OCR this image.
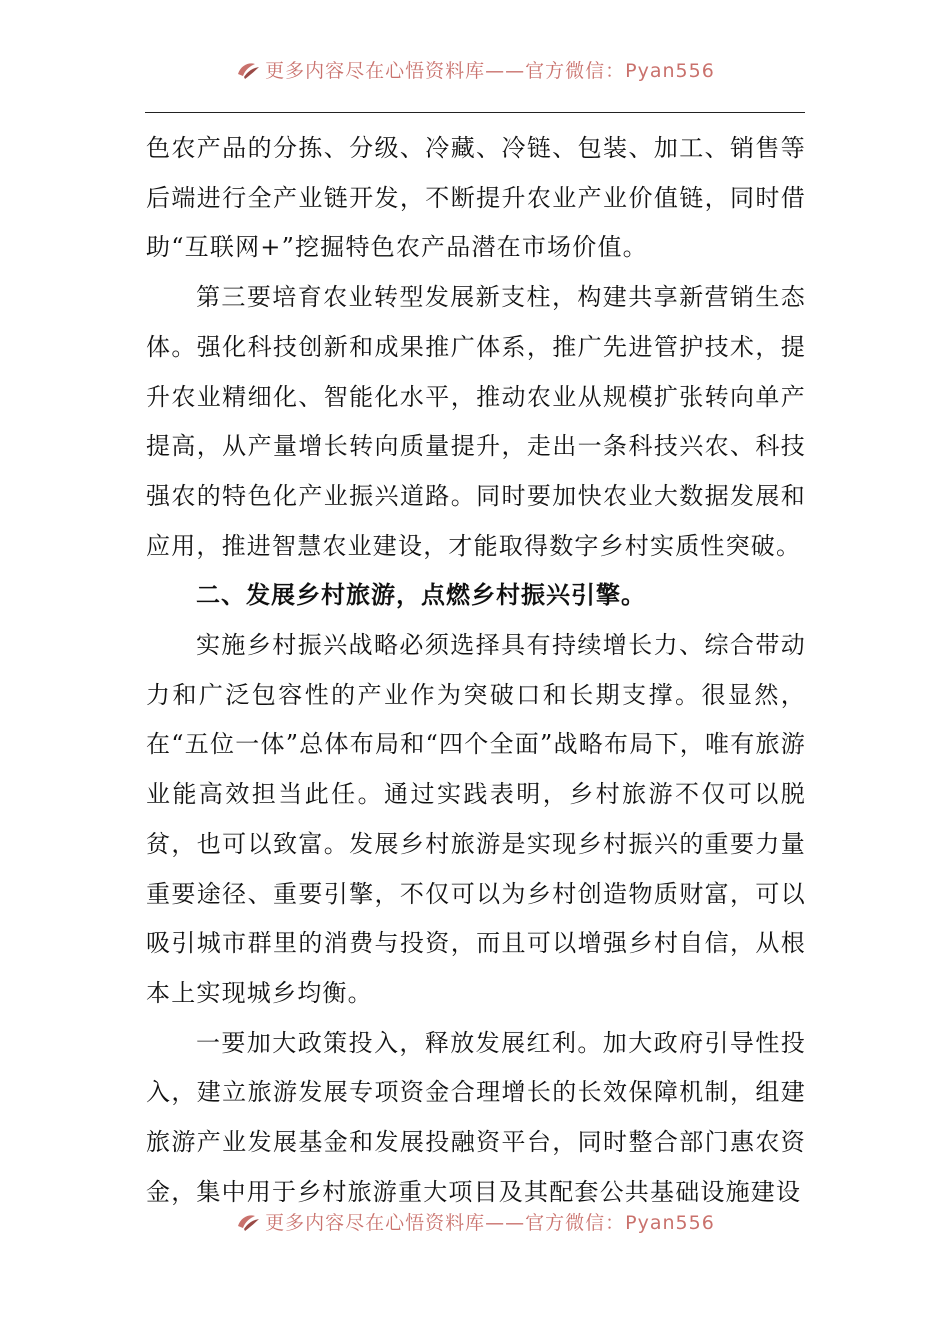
更多内容尽在心悟资料库——官方微信：Pyan556

色农产品的分拣、分级、冷藏、冷链、包装、加工、销售等后端进行全产业链开发，不断提升农业产业价值链，同时借助“互联网+”挖掘特色农产品潜在市场价值。

第三要培育农业转型发展新支柱，构建共享新营销生态体。强化科技创新和成果推广体系，推广先进管护技术，提升农业精细化、智能化水平，推动农业从规模扩张转向单产提高，从产量增长转向质量提升，走出一条科技兴农、科技强农的特色化产业振兴道路。同时要加快农业大数据发展和应用，推进智慧农业建设，才能取得数字乡村实质性突破。

二、发展乡村旅游，点燃乡村振兴引擎。

实施乡村振兴战略必须选择具有持续增长力、综合带动力和广泛包容性的产业作为突破口和长期支撑。很显然，在“五位一体”总体布局和“四个全面”战略布局下，唯有旅游业能高效担当此任。通过实践表明，乡村旅游不仅可以脱贫，也可以致富。发展乡村旅游是实现乡村振兴的重要力量重要途径、重要引擎，不仅可以为乡村创造物质财富，可以吸引城市群里的消费与投资，而且可以增强乡村自信，从根本上实现城乡均衡。

一要加大政策投入，释放发展红利。加大政府引导性投入，建立旅游发展专项资金合理增长的长效保障机制，组建旅游产业发展基金和发展投融资平台，同时整合部门惠农资金，集中用于乡村旅游重大项目及其配套公共基础设施建设

更多内容尽在心悟资料库——官方微信：Pyan556
